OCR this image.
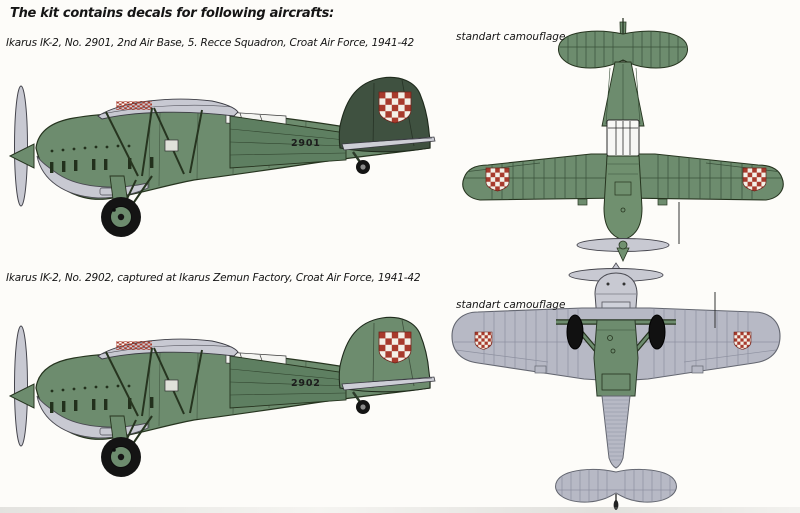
The kit contains decals for following aircrafts:
Ikarus IK-2, No. 2901, 2nd Air Base, 5. Recce Squadron, Croat Air Force, 1941-42
Ikarus IK-2, No. 2902, captured at Ikarus Zemun Factory, Croat Air Force, 1941-42
standart camouflage
standart camouflage
2901
2902
